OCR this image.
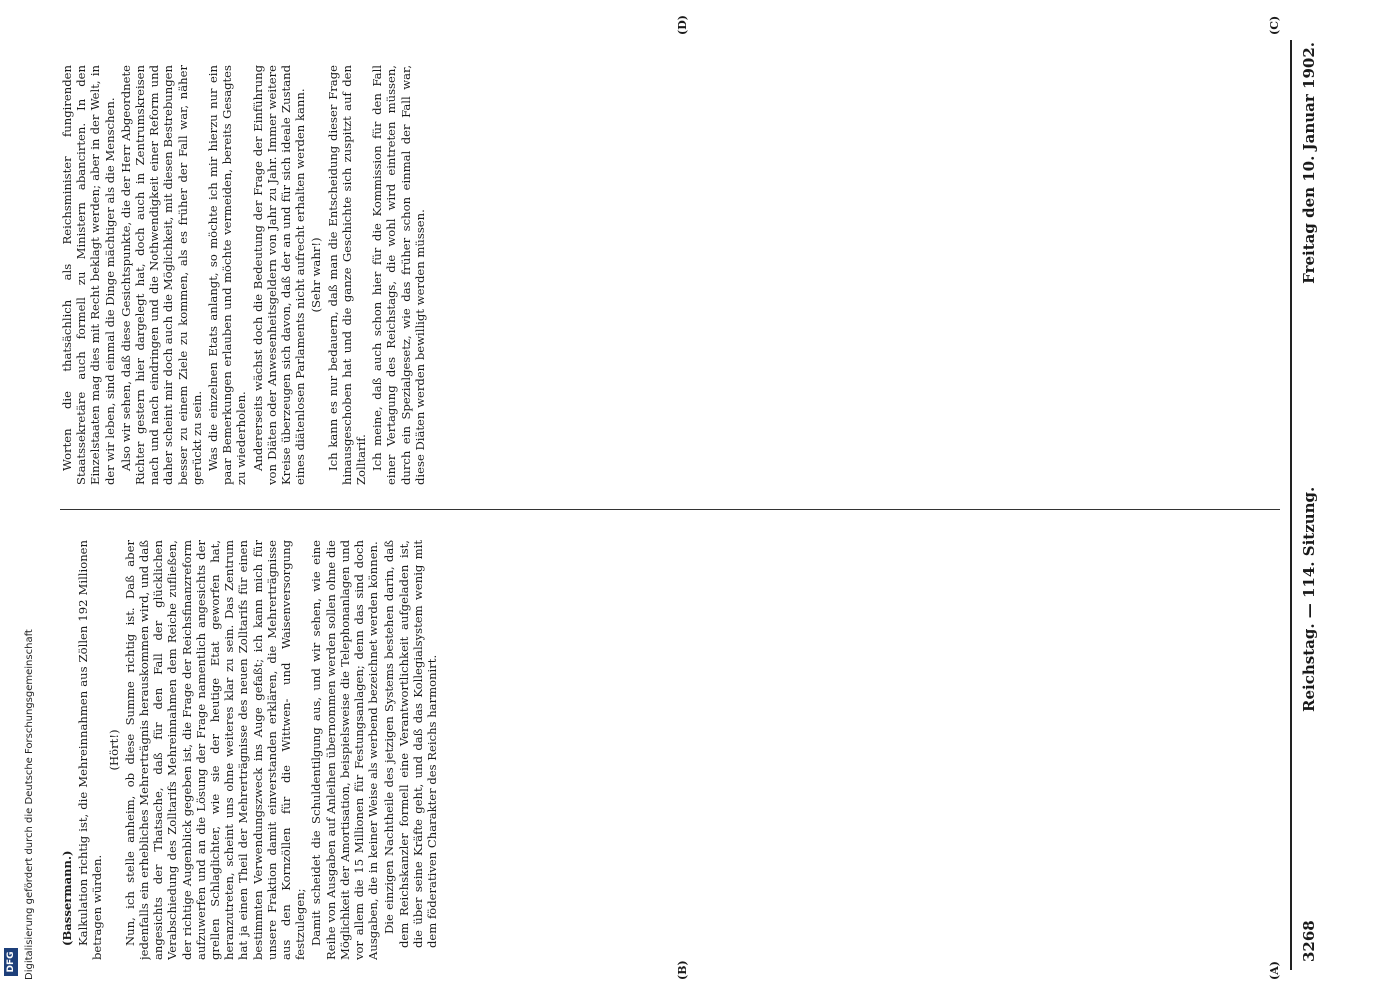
3268
Reichstag. — 114. Sitzung.
Freitag den 10. Januar 1902.
(A)
(B)
(C)
(D)

(Bassermann.) Kalkulation richtig ist, die Mehreinnahmen aus Zöllen 192 Millionen betragen würden.

(Hört!) Nun, ich stelle anheim, ob diese Summe richtig ist. Daß aber jedenfalls ein erhebliches Mehrerträgnis herauskommen wird, und daß angesichts der Thatsache, daß für den Fall der glücklichen Verabschiedung des Zolltarifs Mehreinnahmen dem Reiche zufließen, der richtige Augenblick gegeben ist, die Frage der Reichsfinanzreform aufzuwerfen und an die Lösung der Frage namentlich angesichts der grellen Schlaglichter, wie sie der heutige Etat geworfen hat, heranzutreten, scheint uns ohne weiteres klar zu sein. Das Zentrum hat ja einen Theil der Mehrerträgnisse des neuen Zolltarifs für einen bestimmten Verwendungszweck ins Auge gefaßt; ich kann mich für unsere Fraktion damit einverstanden erklären, die Mehrerträgnisse aus den Kornzöllen für die Wittwen- und Waisenversorgung festzulegen; Damit scheidet die Schuldentilgung aus, und wir sehen, wie eine Reihe von Ausgaben auf Anleihen übernommen werden sollen ohne die Möglichkeit der Amortisation, beispielsweise die Telephonanlagen und vor allem die 15 Millionen für Festungsanlagen; denn das sind doch Ausgaben, die in keiner Weise als werbend bezeichnet werden können. Die einzigen Nachtheile des jetzigen Systems bestehen darin, daß dem Reichskanzler formell eine Verantwortlichkeit aufgeladen ist, die über seine Kräfte geht, und daß das Kollegialsystem wenig mit dem föderativen Charakter des Reichs harmonirt.

Worten die thatsächlich als Reichsminister fungirenden Staatssekretäre auch formell zu Ministern abancirten. In den Einzelstaaten mag dies mit Recht beklagt werden; aber in der Welt, in der wir leben, sind einmal die Dinge mächtiger als die Menschen. Also wir sehen, daß diese Gesichtspunkte, die der Herr Abgeordnete Richter gestern hier dargelegt hat, doch auch in Zentrumskreisen nach und nach eindringen und die Nothwendigkeit einer Reform und daher scheint mir doch auch die Möglichkeit, mit diesen Bestrebungen besser zu einem Ziele zu kommen, als es früher der Fall war, näher gerückt zu sein. Was die einzelnen Etats anlangt, so möchte ich mir hierzu nur ein paar Bemerkungen erlauben und möchte vermeiden, bereits Gesagtes zu wiederholen. Andererseits wächst doch die Bedeutung der Frage der Einführung von Diäten oder Anwesenheitsgeldern von Jahr zu Jahr. Immer weitere Kreise überzeugen sich davon, daß der an und für sich ideale Zustand eines diätenlosen Parlaments nicht aufrecht erhalten werden kann. (Sehr wahr!) Ich kann es nur bedauern, daß man die Entscheidung dieser Frage hinausgeschoben hat und die ganze Geschichte sich zuspitzt auf den Zolltarif. Ich meine, daß auch schon hier für die Kommission für den Fall einer Vertagung des Reichstags, die wohl wird eintreten müssen, durch ein Spezialgesetz, wie das früher schon einmal der Fall war, diese Diäten werden bewilligt werden müssen.

DFG Digitalisierung gefördert durch die Deutsche Forschungsgemeinschaft
